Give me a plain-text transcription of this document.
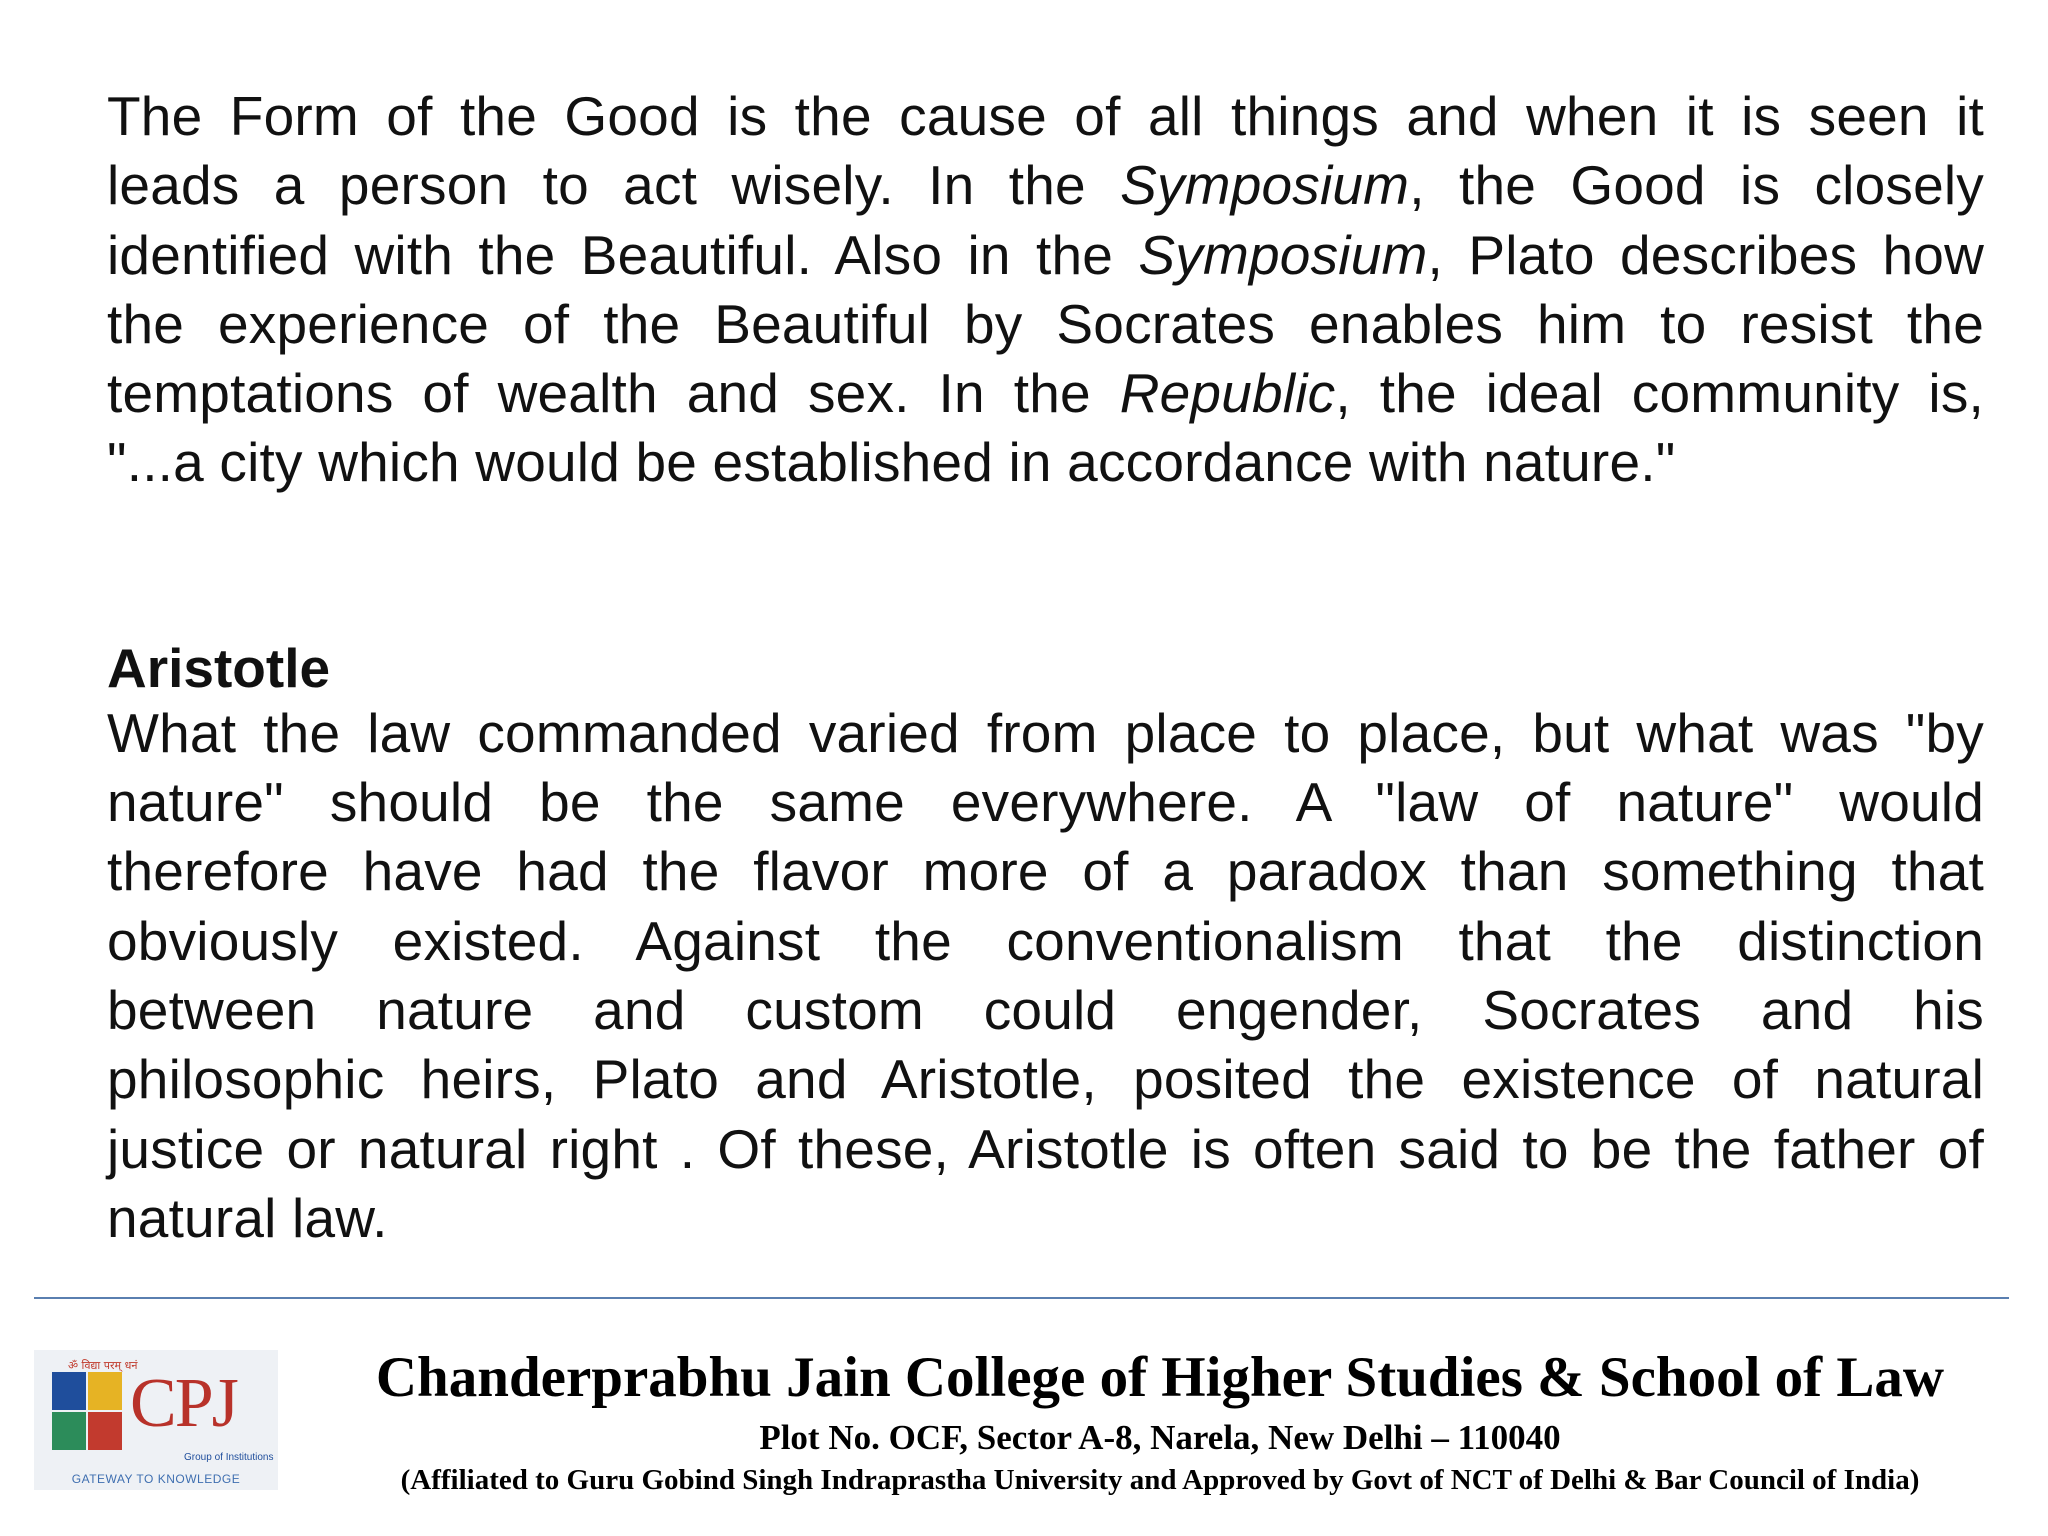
The Form of the Good is the cause of all things and when it is seen it
leads a person to act wisely. In the Symposium, the Good is closely
identified with the Beautiful. Also in the Symposium, Plato describes how
the experience of the Beautiful by Socrates enables him to resist the
temptations of wealth and sex. In the Republic, the ideal community is,
"...a city which would be established in accordance with nature."

Aristotle

What the law commanded varied from place to place, but what was "by
nature" should be the same everywhere. A "law of nature" would
therefore have had the flavor more of a paradox than something that
obviously existed. Against the conventionalism that the distinction
between nature and custom could engender, Socrates and his
philosophic heirs, Plato and Aristotle, posited the existence of natural
justice or natural right . Of these, Aristotle is often said to be the father of
natural law.

ॐ विद्या परम् धनं
CPJ
Group of Institutions
GATEWAY TO KNOWLEDGE
Chanderprabhu Jain College of Higher Studies & School of Law
Plot No. OCF, Sector A-8, Narela, New Delhi – 110040
(Affiliated to Guru Gobind Singh Indraprastha University and Approved by Govt of NCT of Delhi & Bar Council of India)
